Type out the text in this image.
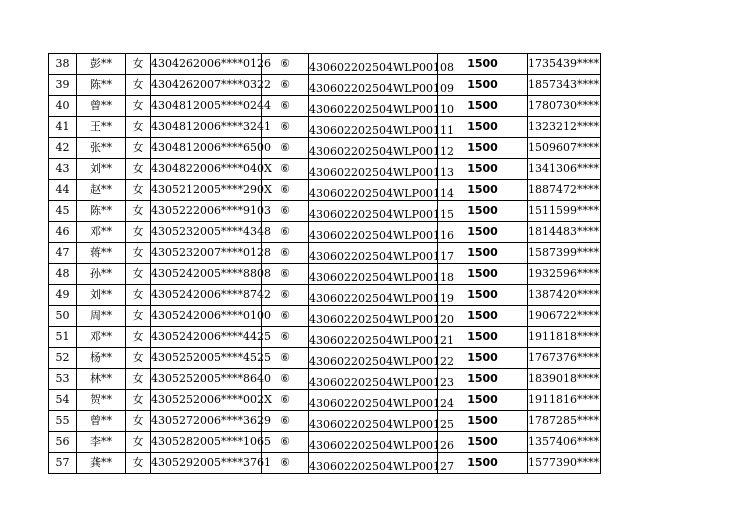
38	彭**	女	4304262006****0126	⑥	430602202504WLP00108	1500	1735439****
39	陈**	女	4304262007****0322	⑥	430602202504WLP00109	1500	1857343****
40	曾**	女	4304812005****0244	⑥	430602202504WLP00110	1500	1780730****
41	王**	女	4304812006****3241	⑥	430602202504WLP00111	1500	1323212****
42	张**	女	4304812006****6500	⑥	430602202504WLP00112	1500	1509607****
43	刘**	女	4304822006****040X	⑥	430602202504WLP00113	1500	1341306****
44	赵**	女	4305212005****290X	⑥	430602202504WLP00114	1500	1887472****
45	陈**	女	4305222006****9103	⑥	430602202504WLP00115	1500	1511599****
46	邓**	女	4305232005****4348	⑥	430602202504WLP00116	1500	1814483****
47	蒋**	女	4305232007****0128	⑥	430602202504WLP00117	1500	1587399****
48	孙**	女	4305242005****8808	⑥	430602202504WLP00118	1500	1932596****
49	刘**	女	4305242006****8742	⑥	430602202504WLP00119	1500	1387420****
50	周**	女	4305242006****0100	⑥	430602202504WLP00120	1500	1906722****
51	邓**	女	4305242006****4425	⑥	430602202504WLP00121	1500	1911818****
52	杨**	女	4305252005****4525	⑥	430602202504WLP00122	1500	1767376****
53	林**	女	4305252005****8640	⑥	430602202504WLP00123	1500	1839018****
54	贺**	女	4305252006****002X	⑥	430602202504WLP00124	1500	1911816****
55	曾**	女	4305272006****3629	⑥	430602202504WLP00125	1500	1787285****
56	李**	女	4305282005****1065	⑥	430602202504WLP00126	1500	1357406****
57	龚**	女	4305292005****3761	⑥	430602202504WLP00127	1500	1577390****
